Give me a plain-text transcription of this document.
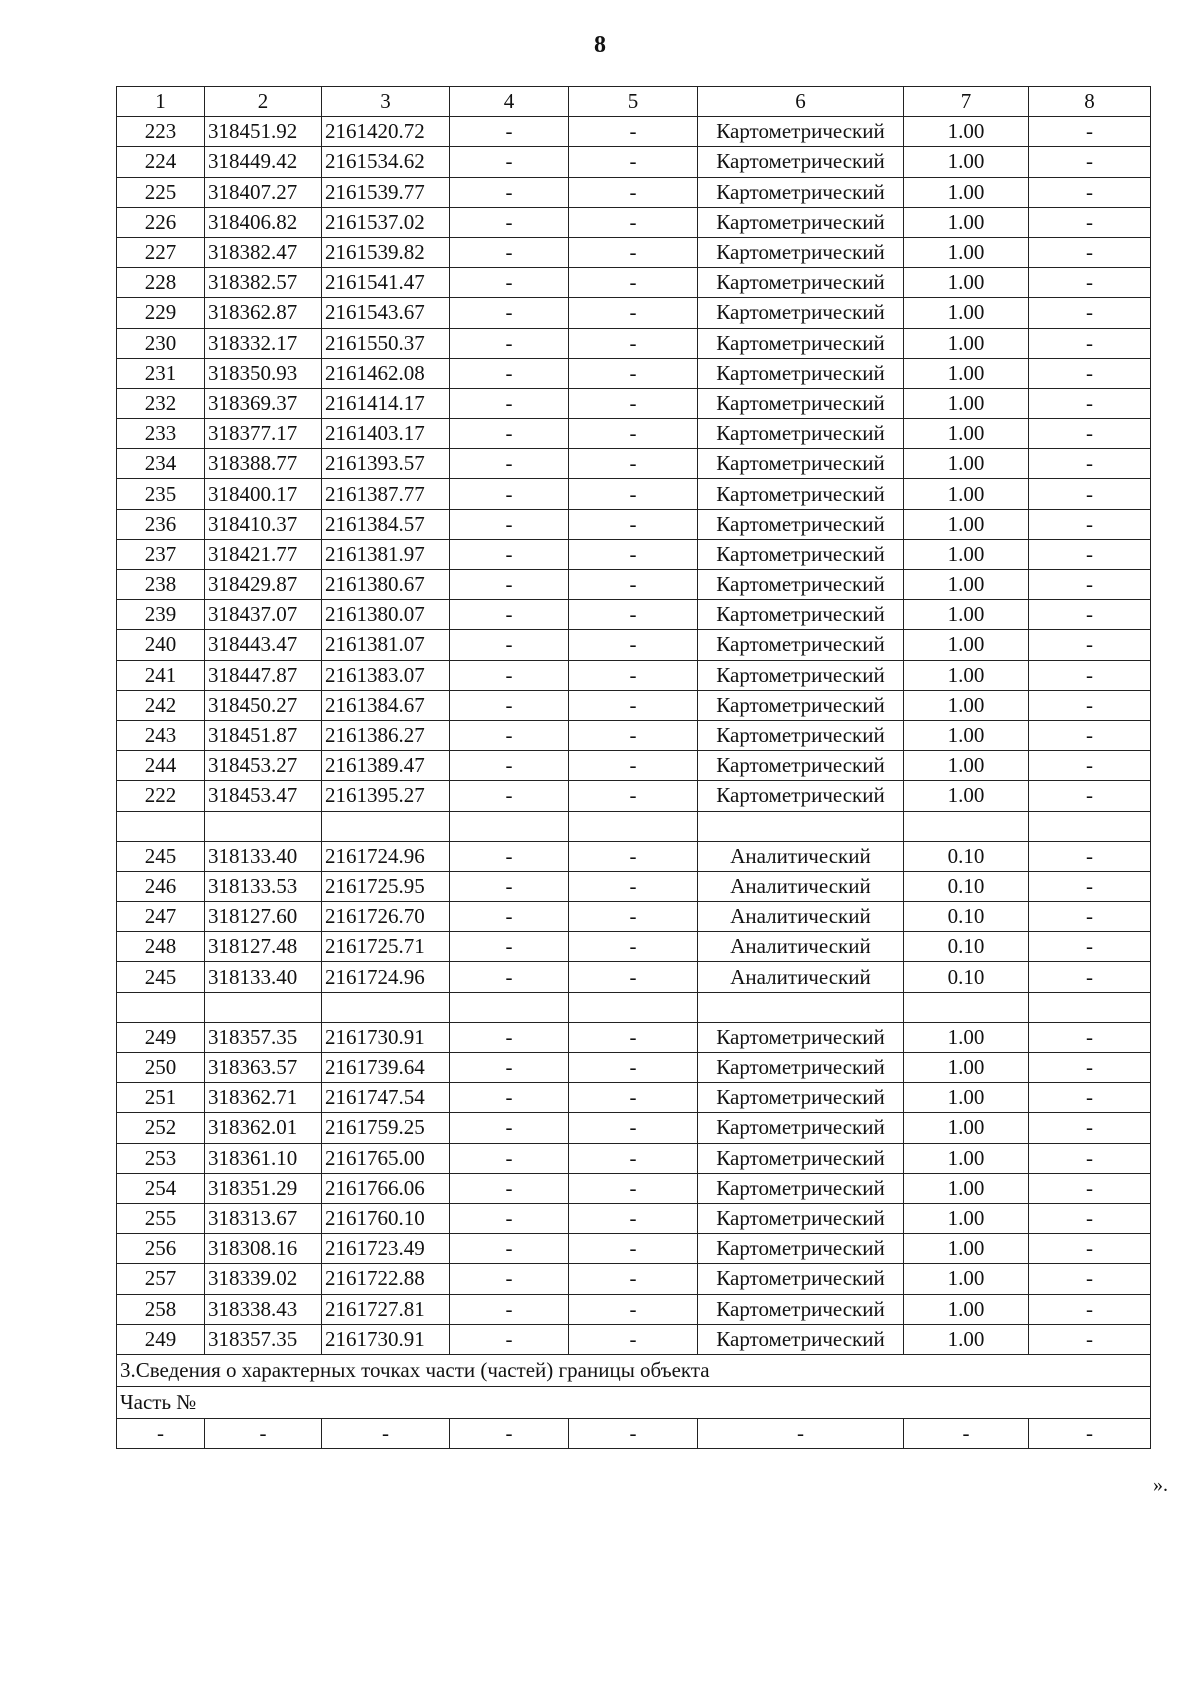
8
1	2	3	4	5	6	7	8
223	318451.92	2161420.72	-	-	Картометрический	1.00	-
224	318449.42	2161534.62	-	-	Картометрический	1.00	-
225	318407.27	2161539.77	-	-	Картометрический	1.00	-
226	318406.82	2161537.02	-	-	Картометрический	1.00	-
227	318382.47	2161539.82	-	-	Картометрический	1.00	-
228	318382.57	2161541.47	-	-	Картометрический	1.00	-
229	318362.87	2161543.67	-	-	Картометрический	1.00	-
230	318332.17	2161550.37	-	-	Картометрический	1.00	-
231	318350.93	2161462.08	-	-	Картометрический	1.00	-
232	318369.37	2161414.17	-	-	Картометрический	1.00	-
233	318377.17	2161403.17	-	-	Картометрический	1.00	-
234	318388.77	2161393.57	-	-	Картометрический	1.00	-
235	318400.17	2161387.77	-	-	Картометрический	1.00	-
236	318410.37	2161384.57	-	-	Картометрический	1.00	-
237	318421.77	2161381.97	-	-	Картометрический	1.00	-
238	318429.87	2161380.67	-	-	Картометрический	1.00	-
239	318437.07	2161380.07	-	-	Картометрический	1.00	-
240	318443.47	2161381.07	-	-	Картометрический	1.00	-
241	318447.87	2161383.07	-	-	Картометрический	1.00	-
242	318450.27	2161384.67	-	-	Картометрический	1.00	-
243	318451.87	2161386.27	-	-	Картометрический	1.00	-
244	318453.27	2161389.47	-	-	Картометрический	1.00	-
222	318453.47	2161395.27	-	-	Картометрический	1.00	-

245	318133.40	2161724.96	-	-	Аналитический	0.10	-
246	318133.53	2161725.95	-	-	Аналитический	0.10	-
247	318127.60	2161726.70	-	-	Аналитический	0.10	-
248	318127.48	2161725.71	-	-	Аналитический	0.10	-
245	318133.40	2161724.96	-	-	Аналитический	0.10	-

249	318357.35	2161730.91	-	-	Картометрический	1.00	-
250	318363.57	2161739.64	-	-	Картометрический	1.00	-
251	318362.71	2161747.54	-	-	Картометрический	1.00	-
252	318362.01	2161759.25	-	-	Картометрический	1.00	-
253	318361.10	2161765.00	-	-	Картометрический	1.00	-
254	318351.29	2161766.06	-	-	Картометрический	1.00	-
255	318313.67	2161760.10	-	-	Картометрический	1.00	-
256	318308.16	2161723.49	-	-	Картометрический	1.00	-
257	318339.02	2161722.88	-	-	Картометрический	1.00	-
258	318338.43	2161727.81	-	-	Картометрический	1.00	-
249	318357.35	2161730.91	-	-	Картометрический	1.00	-
3.Сведения о характерных точках части (частей) границы объекта							
Часть №							
-	-	-	-	-	-	-	-
».
